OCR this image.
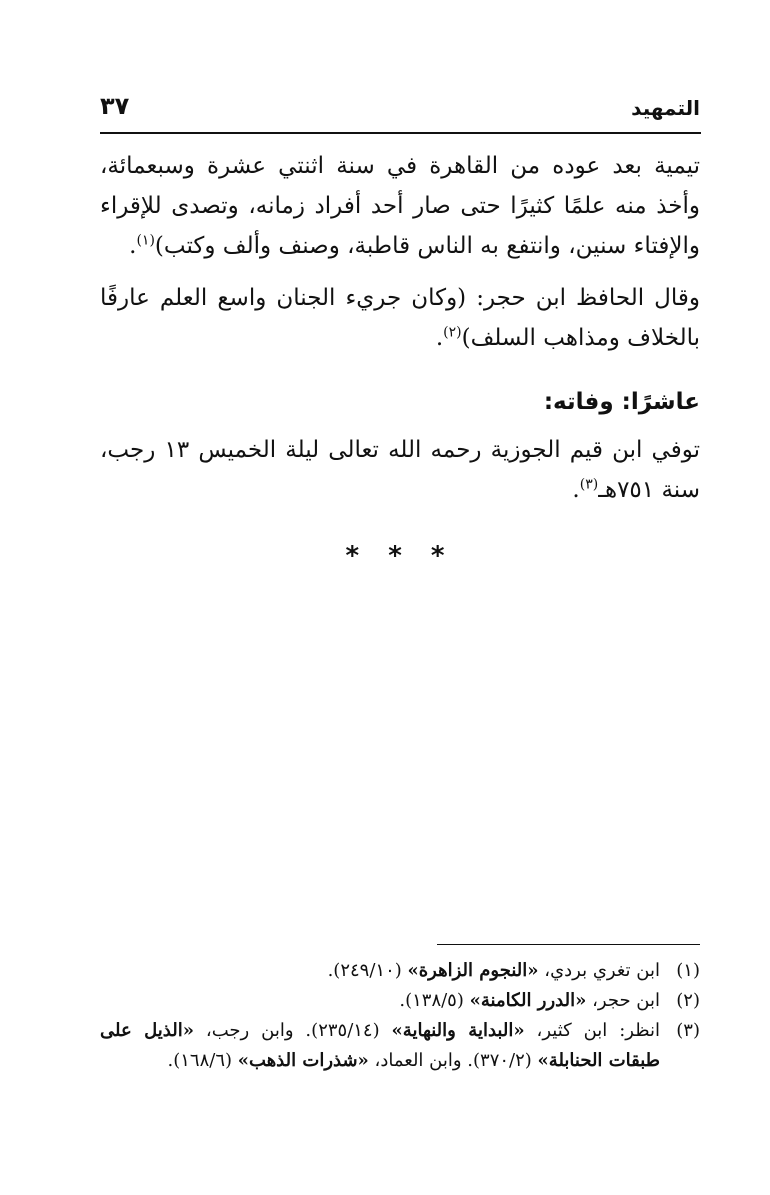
التمهيد
٣٧

تيمية بعد عوده من القاهرة في سنة اثنتي عشرة وسبعمائة، وأخذ منه علمًا كثيرًا حتى صار أحد أفراد زمانه، وتصدى للإقراء والإفتاء سنين، وانتفع به الناس قاطبة، وصنف وألف وكتب)$^{(١)}$.

وقال الحافظ ابن حجر: (وكان جريء الجنان واسع العلم عارفًا بالخلاف ومذاهب السلف)$^{(٢)}$.

عاشرًا: وفاته:

توفي ابن قيم الجوزية رحمه الله تعالى ليلة الخميس ١٣ رجب، سنة ٧٥١هـ$^{(٣)}$.

* * *

(١)
ابن تغري بردي، «النجوم الزاهرة» (٢٤٩/١٠).

(٢)
ابن حجر، «الدرر الكامنة» (١٣٨/٥).

(٣)
انظر: ابن كثير، «البداية والنهاية» (٢٣٥/١٤). وابن رجب، «الذيل على طبقات الحنابلة» (٣٧٠/٢). وابن العماد، «شذرات الذهب» (١٦٨/٦).
